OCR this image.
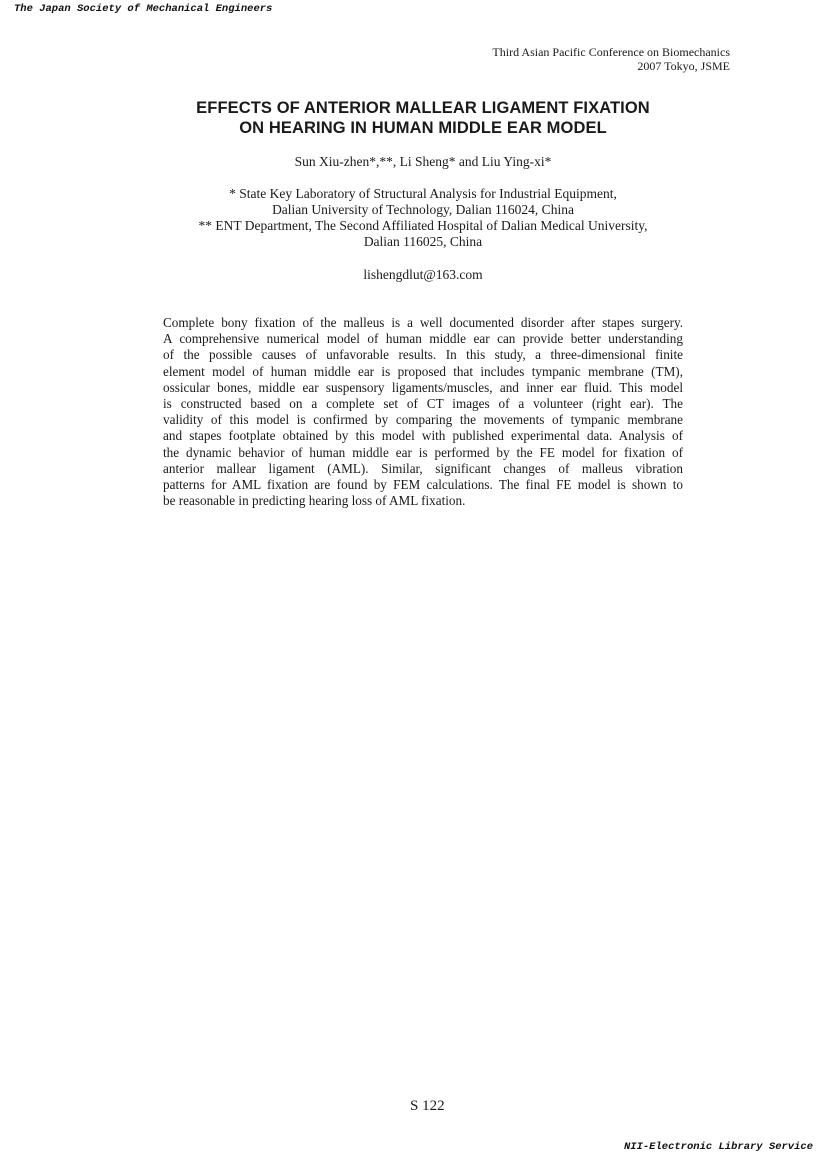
The Japan Society of Mechanical Engineers
Third Asian Pacific Conference on Biomechanics
2007 Tokyo, JSME
EFFECTS OF ANTERIOR MALLEAR LIGAMENT FIXATION
ON HEARING IN HUMAN MIDDLE EAR MODEL
Sun Xiu-zhen*,**, Li Sheng* and Liu Ying-xi*
* State Key Laboratory of Structural Analysis for Industrial Equipment,
Dalian University of Technology, Dalian 116024, China
** ENT Department, The Second Affiliated Hospital of Dalian Medical University,
Dalian 116025, China
lishengdlut@163.com
Complete bony fixation of the malleus is a well documented disorder after stapes surgery.
A comprehensive numerical model of human middle ear can provide better understanding
of the possible causes of unfavorable results. In this study, a three-dimensional finite
element model of human middle ear is proposed that includes tympanic membrane (TM),
ossicular bones, middle ear suspensory ligaments/muscles, and inner ear fluid. This model
is constructed based on a complete set of CT images of a volunteer (right ear). The
validity of this model is confirmed by comparing the movements of tympanic membrane
and stapes footplate obtained by this model with published experimental data. Analysis of
the dynamic behavior of human middle ear is performed by the FE model for fixation of
anterior mallear ligament (AML). Similar, significant changes of malleus vibration
patterns for AML fixation are found by FEM calculations. The final FE model is shown to
be reasonable in predicting hearing loss of AML fixation.
S 122
NII-Electronic Library Service
